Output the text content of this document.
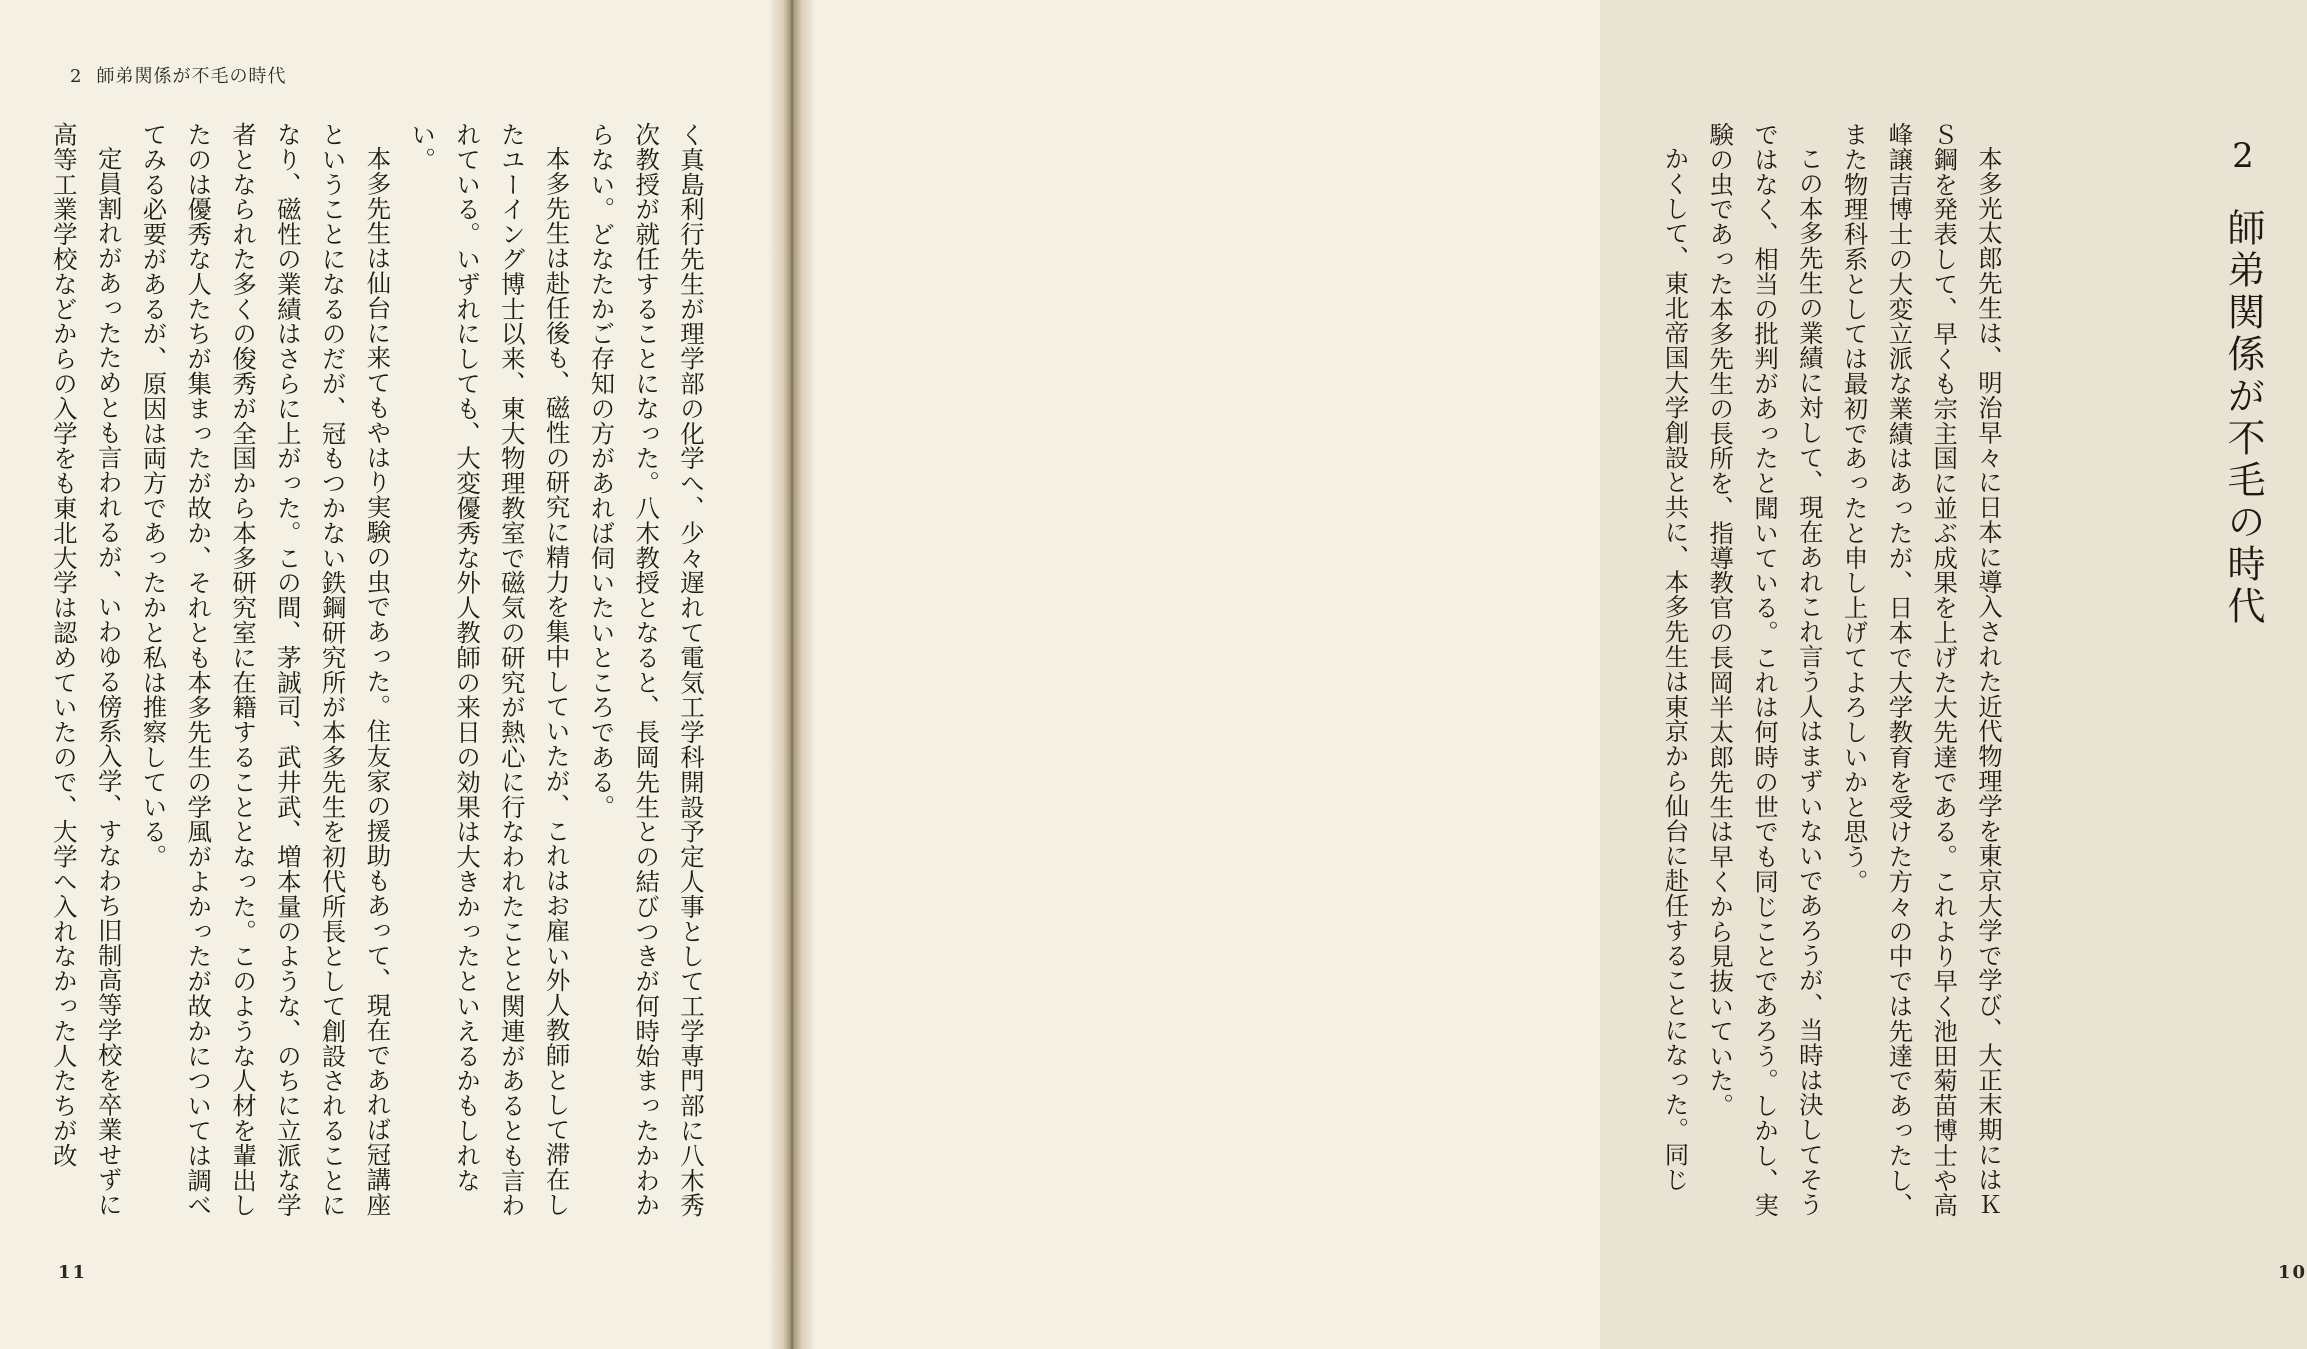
2 師弟関係が不毛の時代

く真島利行先生が理学部の化学へ、少々遅れて電気工学科開設予定人事として工学専門部に八木秀次教授が就任することになった。八木教授となると、長岡先生との結びつきが何時始まったかわからない。どなたかご存知の方があれば伺いたいところである。

本多先生は赴任後も、磁性の研究に精力を集中していたが、これはお雇い外人教師として滞在したユーイング博士以来、東大物理教室で磁気の研究が熱心に行なわれたことと関連があるとも言われている。いずれにしても、大変優秀な外人教師の来日の効果は大きかったといえるかもしれない。

本多先生は仙台に来てもやはり実験の虫であった。住友家の援助もあって、現在であれば冠講座ということになるのだが、冠もつかない鉄鋼研究所が本多先生を初代所長として創設されることになり、磁性の業績はさらに上がった。この間、茅誠司、武井武、増本量のような、のちに立派な学者となられた多くの俊秀が全国から本多研究室に在籍することとなった。このような人材を輩出したのは優秀な人たちが集まったが故か、それとも本多先生の学風がよかったが故かについては調べてみる必要があるが、原因は両方であったかと私は推察している。

定員割れがあったためとも言われるが、いわゆる傍系入学、すなわち旧制高等学校を卒業せずに高等工業学校などからの入学をも東北大学は認めていたので、大学へ入れなかった人たちが改

11

本多光太郎先生は、明治早々に日本に導入された近代物理学を東京大学で学び、大正末期にはＫＳ鋼を発表して、早くも宗主国に並ぶ成果を上げた大先達である。これより早く池田菊苗博士や高峰譲吉博士の大変立派な業績はあったが、日本で大学教育を受けた方々の中では先達であったし、また物理科系としては最初であったと申し上げてよろしいかと思う。

この本多先生の業績に対して、現在あれこれ言う人はまずいないであろうが、当時は決してそうではなく、相当の批判があったと聞いている。これは何時の世でも同じことであろう。しかし、実験の虫であった本多先生の長所を、指導教官の長岡半太郎先生は早くから見抜いていた。

かくして、東北帝国大学創設と共に、本多先生は東京から仙台に赴任することになった。同じ	2
師弟関係が不毛の時代
10
